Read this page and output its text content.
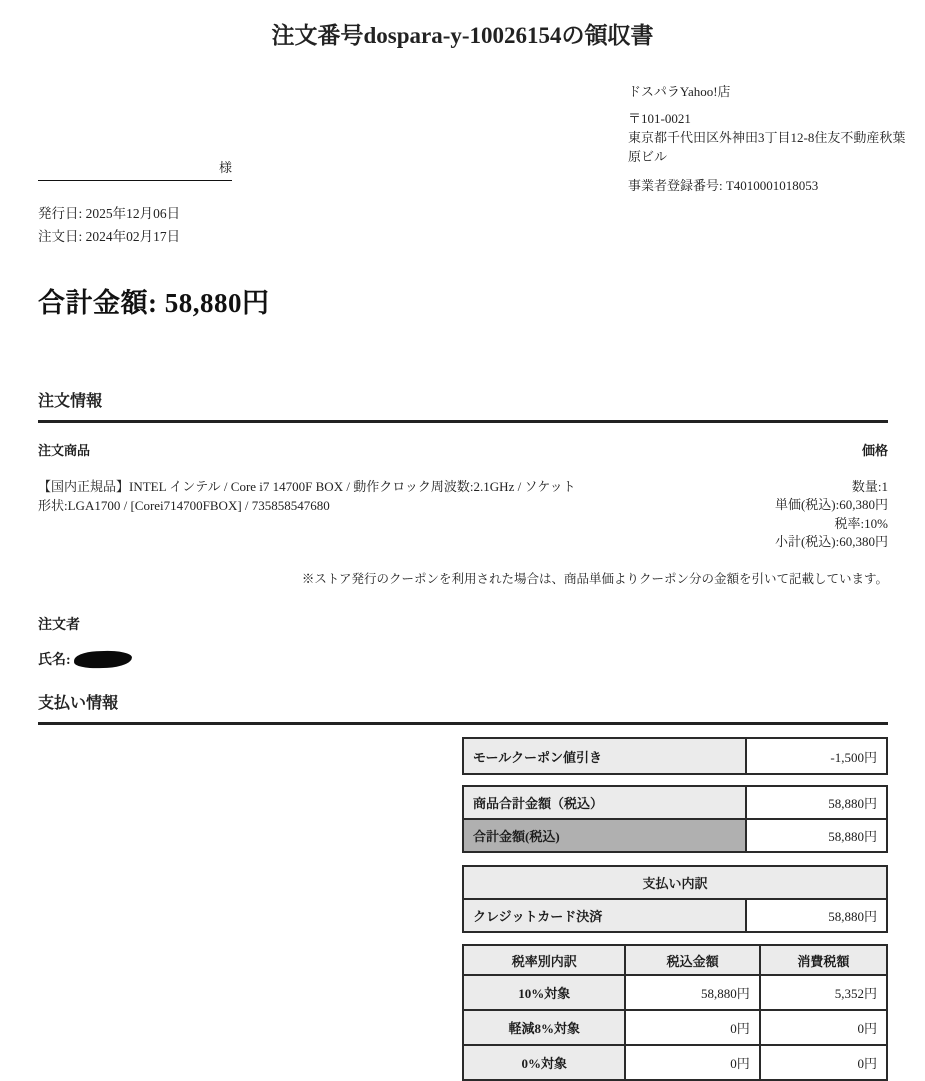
注文番号dospara-y-10026154の領収書
ドスパラYahoo!店
〒101-0021
東京都千代田区外神田3丁目12-8住友不動産秋葉原ビル
事業者登録番号: T4010001018053
様
発行日: 2025年12月06日
注文日: 2024年02月17日
合計金額: 58,880円
注文情報
注文商品	価格
【国内正規品】INTEL インテル / Core i7 14700F BOX / 動作クロック周波数:2.1GHz / ソケット形状:LGA1700 / [Corei714700FBOX] / 735858547680
数量:1
単価(税込):60,380円
税率:10%
小計(税込):60,380円
※ストア発行のクーポンを利用された場合は、商品単価よりクーポン分の金額を引いて記載しています。
注文者
氏名:
支払い情報
モールクーポン値引き	-1,500円
商品合計金額（税込）	58,880円
合計金額(税込)	58,880円
支払い内訳
クレジットカード決済	58,880円
税率別内訳	税込金額	消費税額
10%対象	58,880円	5,352円
軽減8%対象	0円	0円
0%対象	0円	0円
